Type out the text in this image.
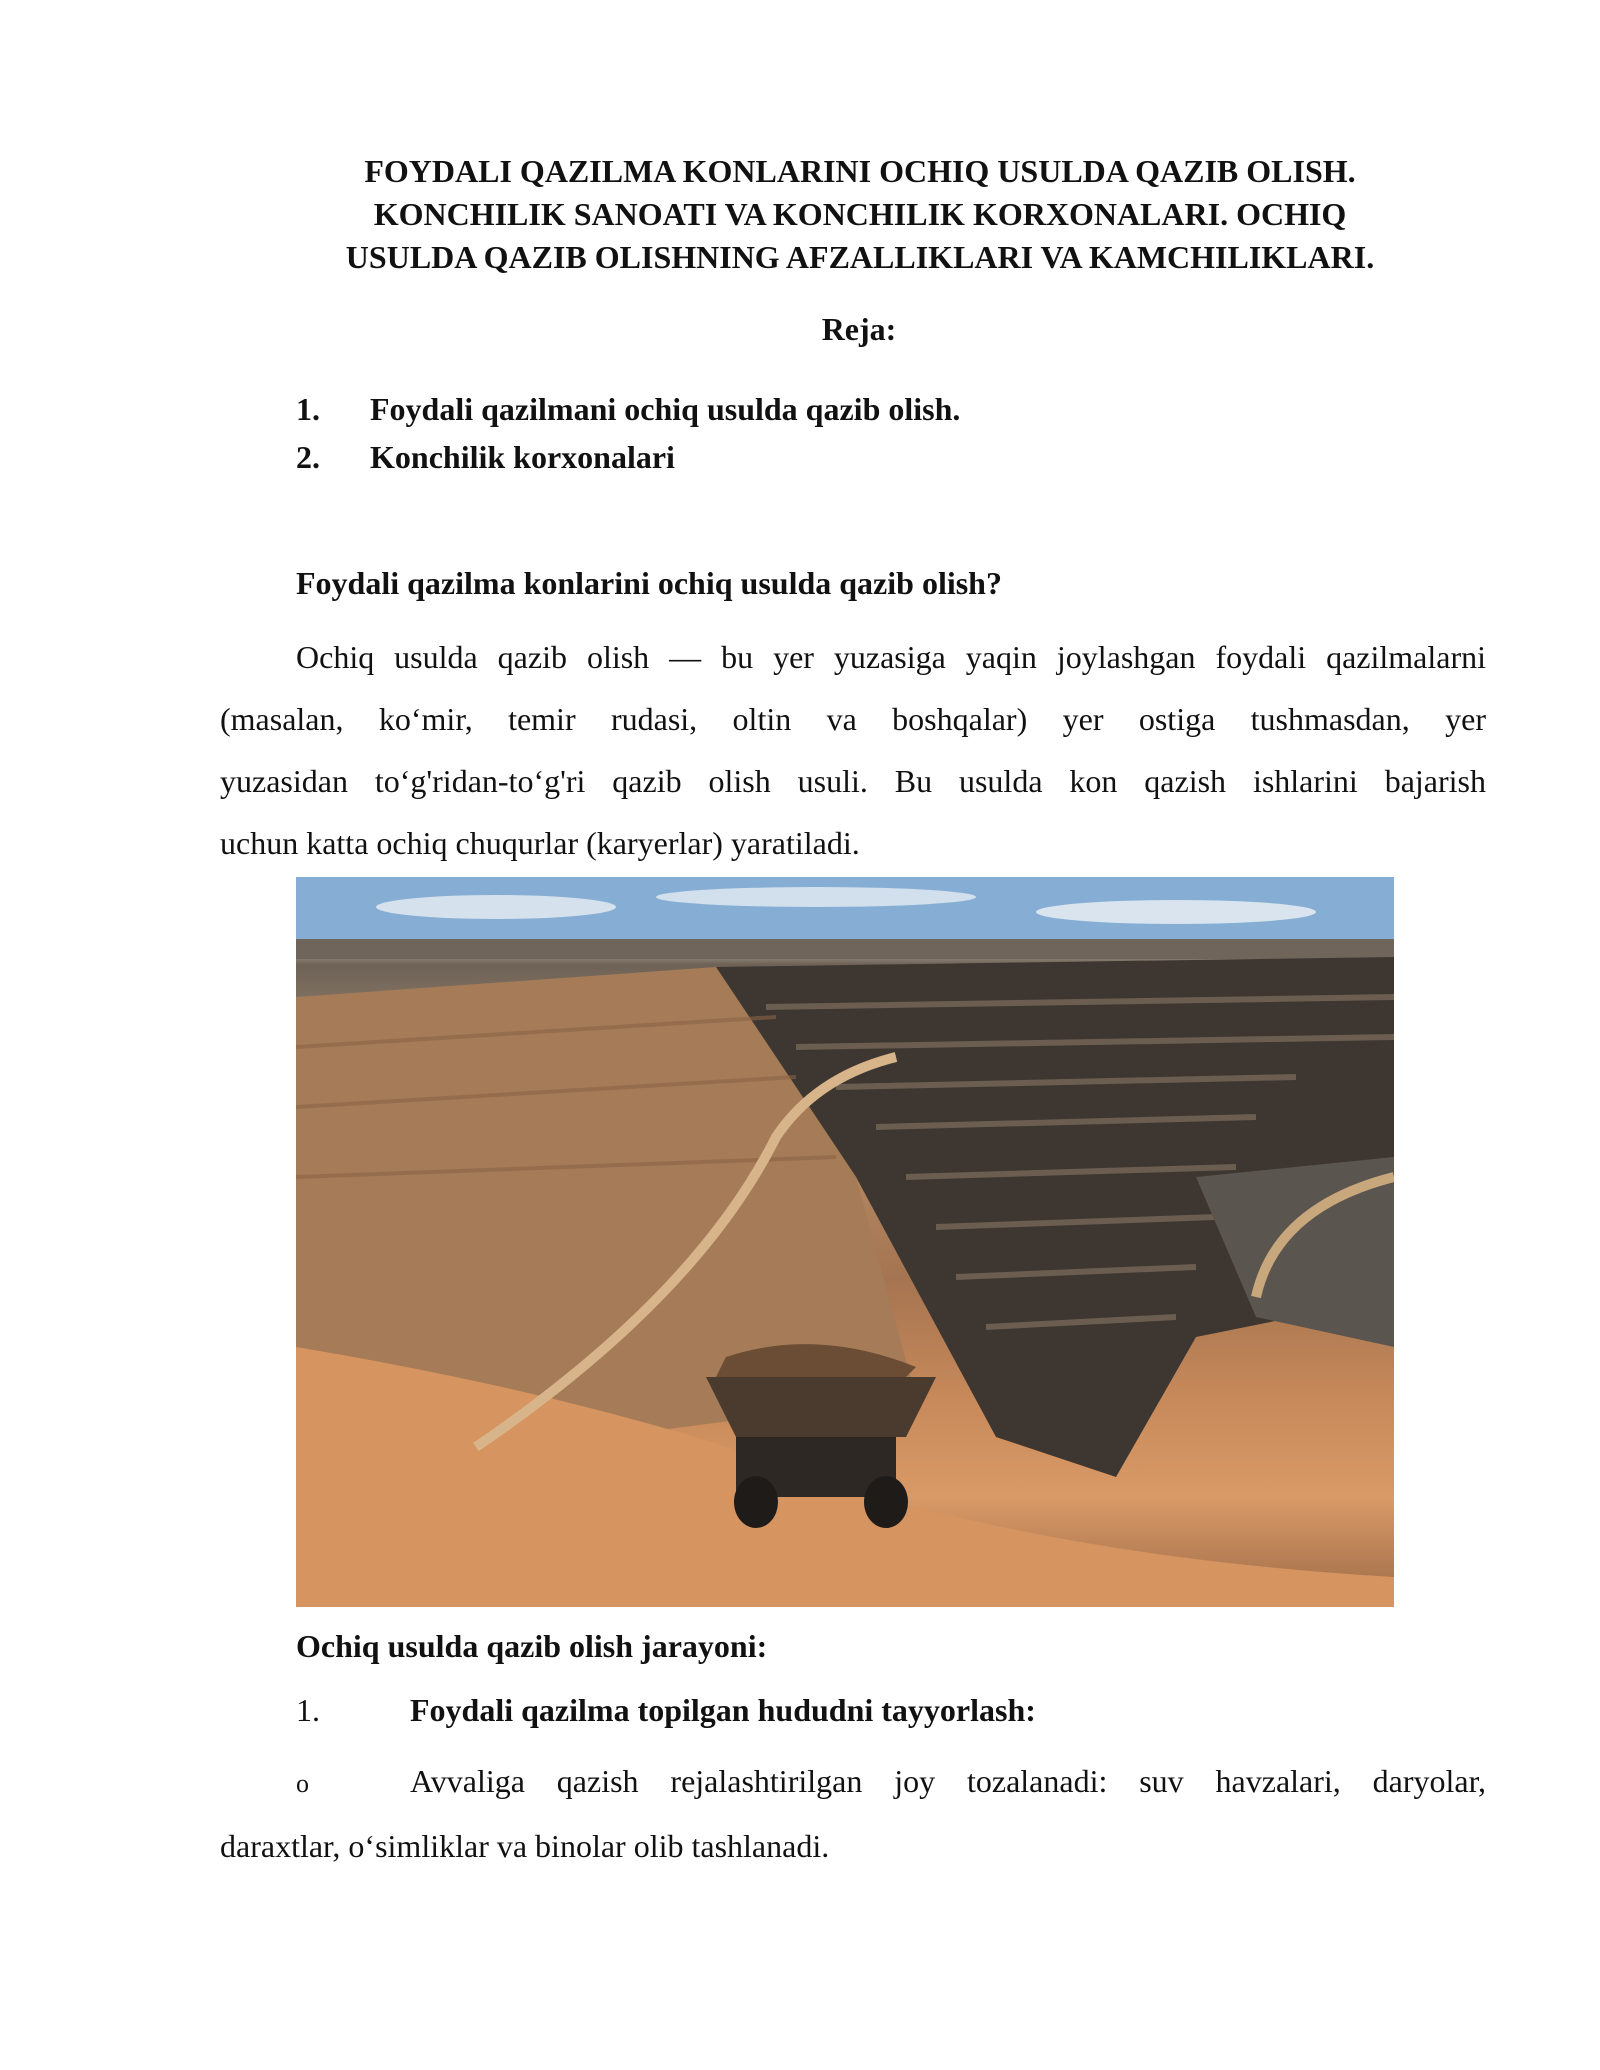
FOYDALI QAZILMA KONLARINI OCHIQ USULDA QAZIB OLISH.
KONCHILIK SANOATI VA KONCHILIK KORXONALARI. OCHIQ
USULDA QAZIB OLISHNING AFZALLIKLARI VA KAMCHILIKLARI.
Reja:
1. Foydali qazilmani ochiq usulda qazib olish.
2. Konchilik korxonalari
Foydali qazilma konlarini ochiq usulda qazib olish?
Ochiq usulda qazib olish — bu yer yuzasiga yaqin joylashgan foydali qazilmalarni
(masalan, ko‘mir, temir rudasi, oltin va boshqalar) yer ostiga tushmasdan, yer
yuzasidan to‘g'ridan-to‘g'ri qazib olish usuli. Bu usulda kon qazish ishlarini bajarish
uchun katta ochiq chuqurlar (karyerlar) yaratiladi.
Ochiq usulda qazib olish jarayoni:
1.	Foydali qazilma topilgan hududni tayyorlash:
o	Avvaliga qazish rejalashtirilgan joy tozalanadi: suv havzalari, daryolar,
daraxtlar, o‘simliklar va binolar olib tashlanadi.
